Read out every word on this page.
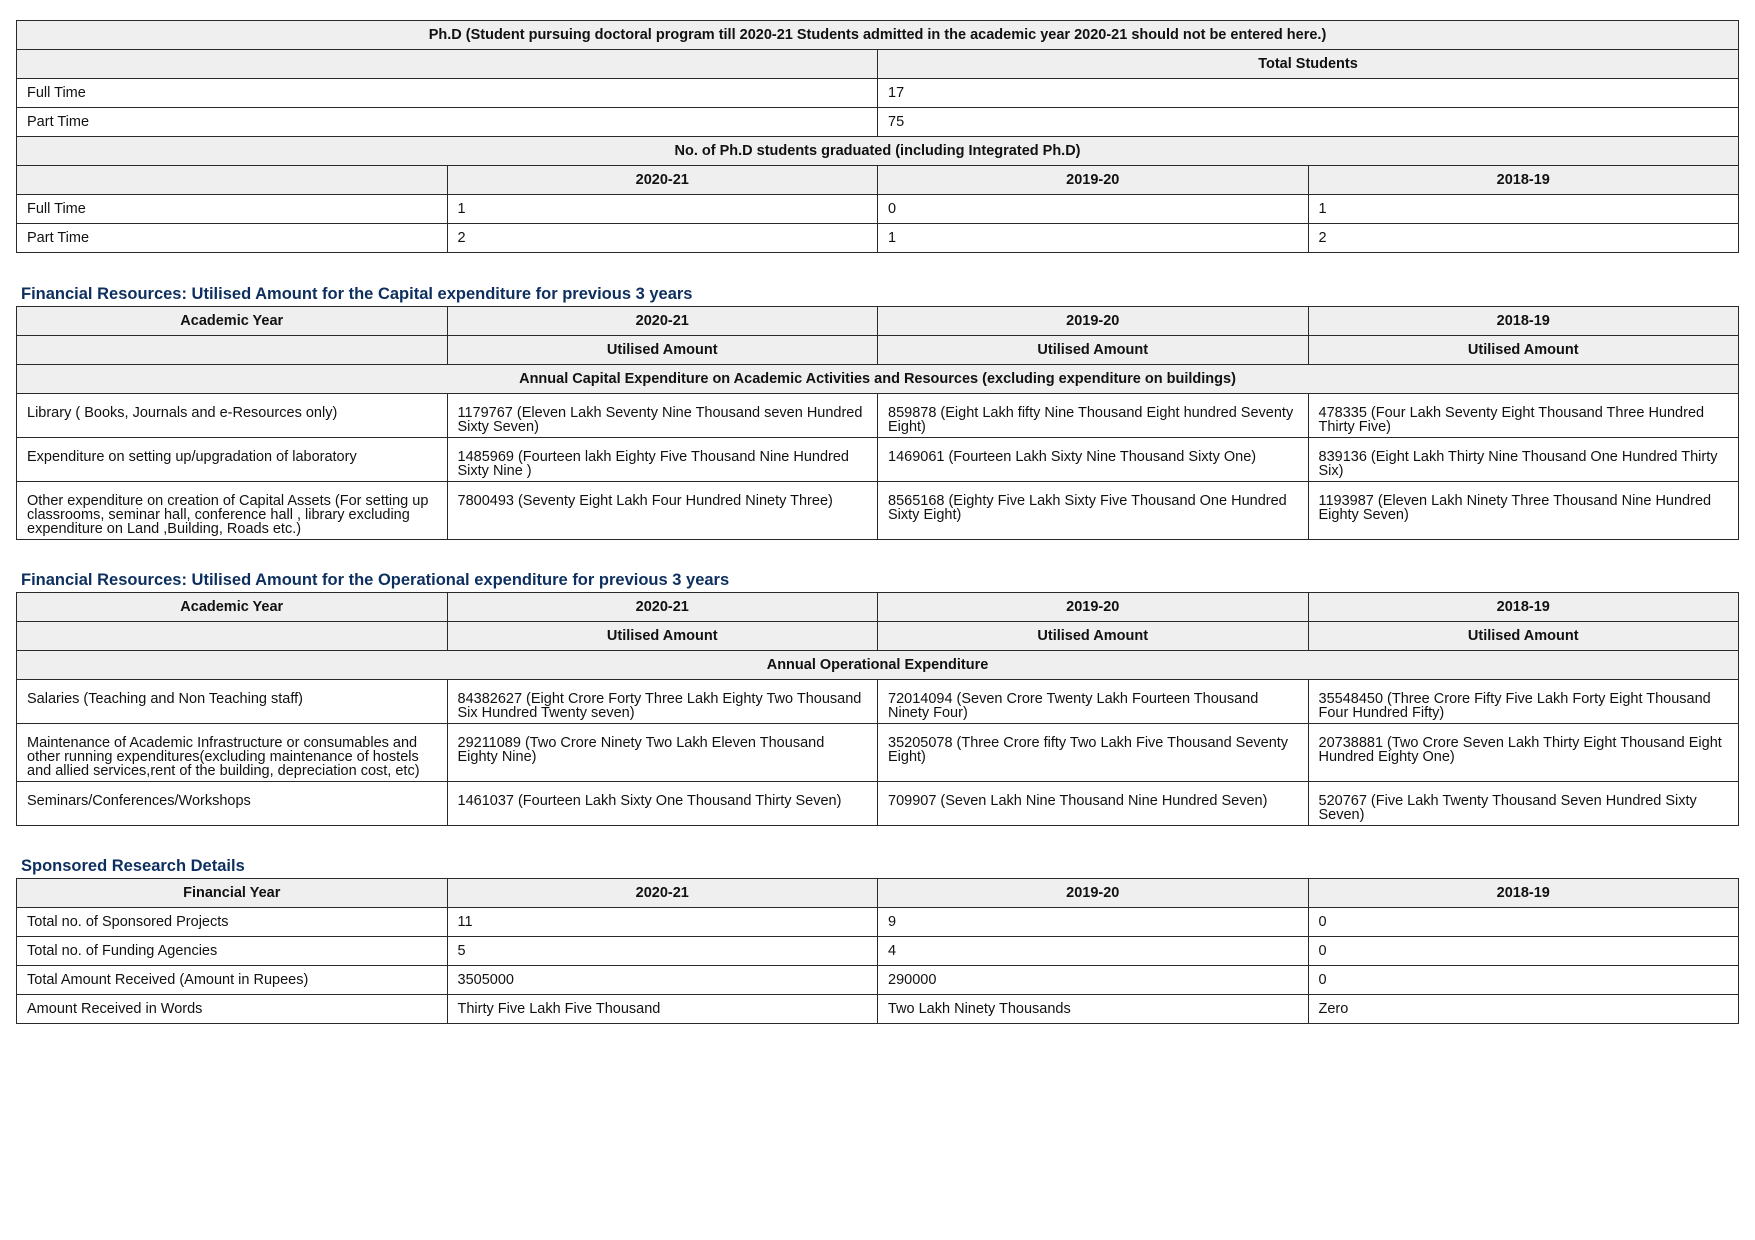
Ph.D (Student pursuing doctoral program till 2020-21 Students admitted in the academic year 2020-21 should not be entered here.)			
		Total Students	
Full Time		17	
Part Time		75	
No. of Ph.D students graduated (including Integrated Ph.D)			
	2020-21	2019-20	2018-19
Full Time	1	0	1
Part Time	2	1	2
Financial Resources: Utilised Amount for the Capital expenditure for previous 3 years
Academic Year	2020-21	2019-20	2018-19
	Utilised Amount	Utilised Amount	Utilised Amount
Annual Capital Expenditure on Academic Activities and Resources (excluding expenditure on buildings)			
Library ( Books, Journals and e-Resources only)	1179767 (Eleven Lakh Seventy Nine Thousand seven Hundred Sixty Seven)	859878 (Eight Lakh fifty Nine Thousand Eight hundred Seventy Eight)	478335 (Four Lakh Seventy Eight Thousand Three Hundred Thirty Five)
Expenditure on setting up/upgradation of laboratory	1485969 (Fourteen lakh Eighty Five Thousand Nine Hundred Sixty Nine )	1469061 (Fourteen Lakh Sixty Nine Thousand Sixty One)	839136 (Eight Lakh Thirty Nine Thousand One Hundred Thirty Six)
Other expenditure on creation of Capital Assets (For setting up classrooms, seminar hall, conference hall , library excluding expenditure on Land ,Building, Roads etc.)	7800493 (Seventy Eight Lakh Four Hundred Ninety Three)	8565168 (Eighty Five Lakh Sixty Five Thousand One Hundred Sixty Eight)	1193987 (Eleven Lakh Ninety Three Thousand Nine Hundred Eighty Seven)
Financial Resources: Utilised Amount for the Operational expenditure for previous 3 years
Academic Year	2020-21	2019-20	2018-19
	Utilised Amount	Utilised Amount	Utilised Amount
Annual Operational Expenditure			
Salaries (Teaching and Non Teaching staff)	84382627 (Eight Crore Forty Three Lakh Eighty Two Thousand Six Hundred Twenty seven)	72014094 (Seven Crore Twenty Lakh Fourteen Thousand Ninety Four)	35548450 (Three Crore Fifty Five Lakh Forty Eight Thousand Four Hundred Fifty)
Maintenance of Academic Infrastructure or consumables and other running expenditures(excluding maintenance of hostels and allied services,rent of the building, depreciation cost, etc)	29211089 (Two Crore Ninety Two Lakh Eleven Thousand Eighty Nine)	35205078 (Three Crore fifty Two Lakh Five Thousand Seventy Eight)	20738881 (Two Crore Seven Lakh Thirty Eight Thousand Eight Hundred Eighty One)
Seminars/Conferences/Workshops	1461037 (Fourteen Lakh Sixty One Thousand Thirty Seven)	709907 (Seven Lakh Nine Thousand Nine Hundred Seven)	520767 (Five Lakh Twenty Thousand Seven Hundred Sixty Seven)
Sponsored Research Details
Financial Year	2020-21	2019-20	2018-19
Total no. of Sponsored Projects	11	9	0
Total no. of Funding Agencies	5	4	0
Total Amount Received (Amount in Rupees)	3505000	290000	0
Amount Received in Words	Thirty Five Lakh Five Thousand	Two Lakh Ninety Thousands	Zero
